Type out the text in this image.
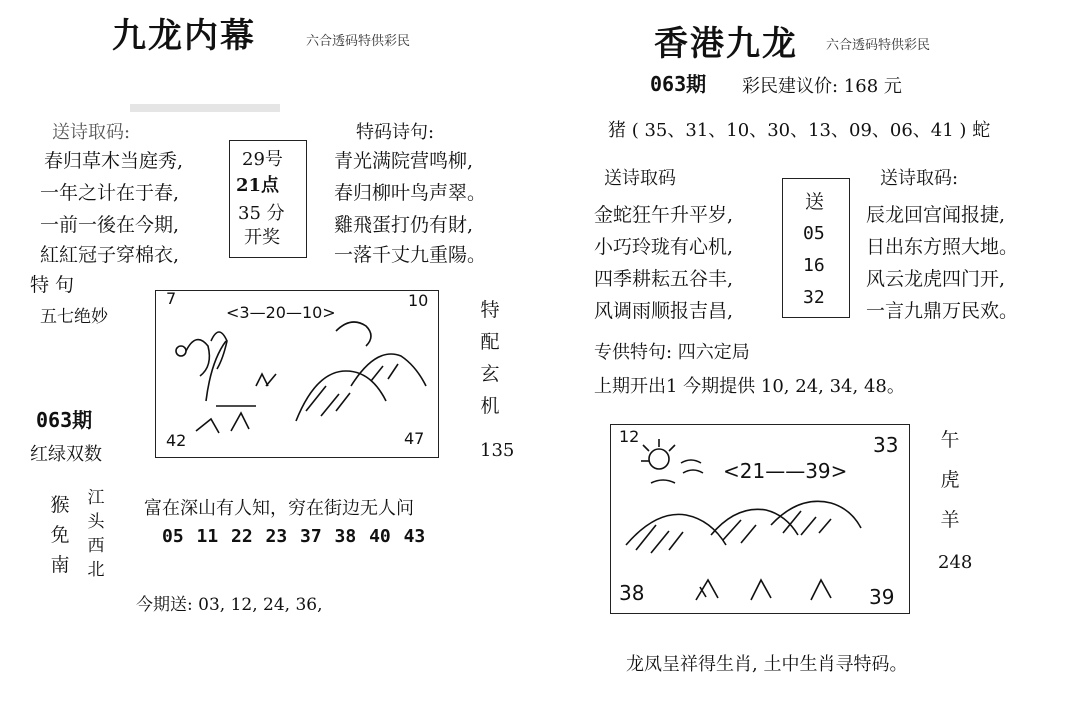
九龙内幕	六合透码特供彩民
送诗取码:	特码诗句:
春归草木当庭秀,
一年之计在于春,
一前一後在今期,
紅紅冠子穿棉衣,
29号
21点
35 分
开奖
青光满院营鸣柳,
春归柳叶鸟声翠。
雞飛蛋打仍有財,
一落千丈九重陽。
特 句
五七绝妙
063期
红绿双数
7
<3—20—10>
10
42	47
特
配
玄
机
135
猴
免
南
江
头
西
北
富在深山有人知，穷在街边无人问
05 11 22 23 37 38 40 43
今期送: 03, 12, 24, 36,
香港九龙 六合透码特供彩民
063期 彩民建议价: 168 元
猪 ( 35、31、10、30、13、09、06、41 ) 蛇
送诗取码	送诗取码:
金蛇狂午升平岁,
小巧玲珑有心机,
四季耕耘五谷丰,
风调雨顺报吉昌,
送
05
16
32
辰龙回宫闻报捷,
日出东方照大地。
风云龙虎四门开,
一言九鼎万民欢。
专供特句: 四六定局
上期开出1 今期提供 10, 24, 34, 48。
12
<21——39>
33
38	39
午
虎
羊
248
龙凤呈祥得生肖, 土中生肖寻特码。
